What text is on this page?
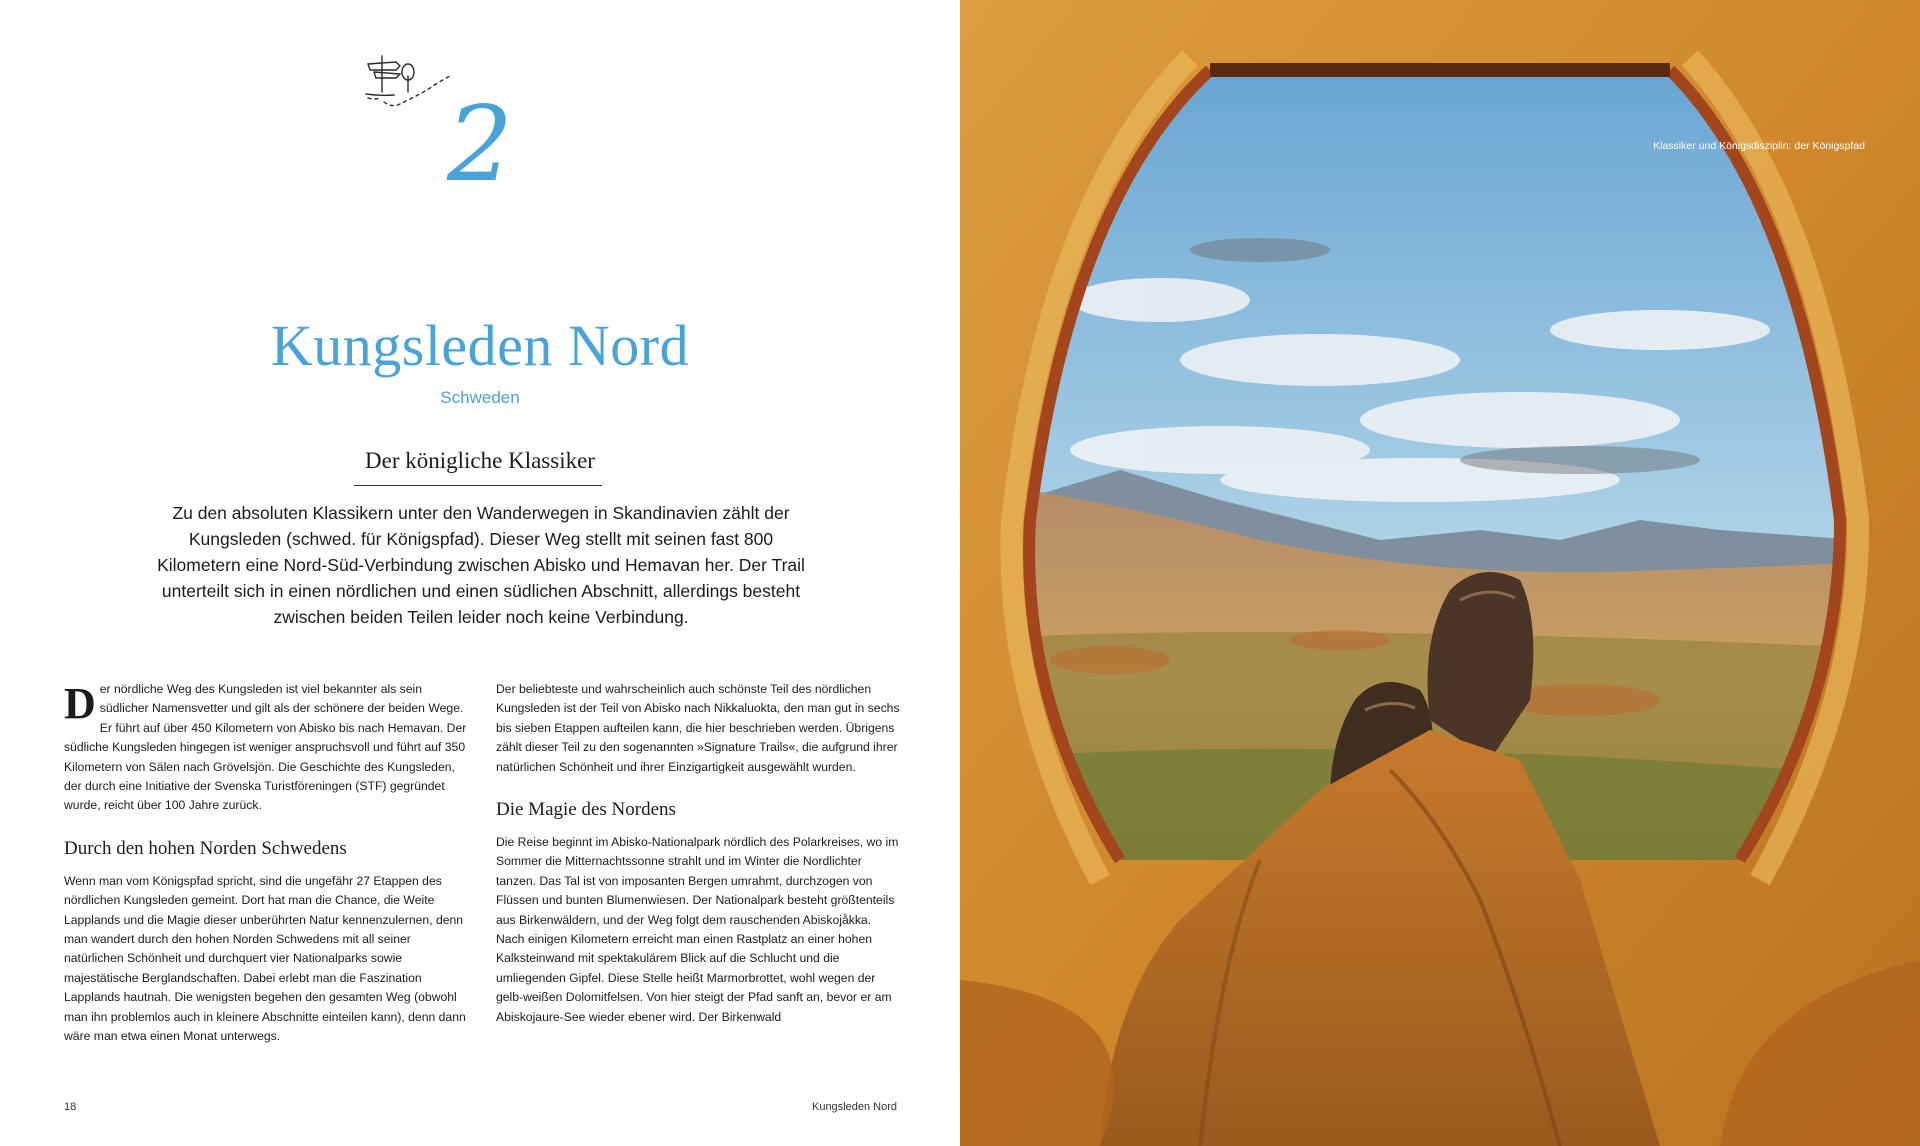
2
Kungsleden Nord
Schweden
Der königliche Klassiker
Zu den absoluten Klassikern unter den Wanderwegen in Skandinavien zählt der Kungsleden (schwed. für Königspfad). Dieser Weg stellt mit seinen fast 800 Kilometern eine Nord-Süd-Verbindung zwischen Abisko und Hemavan her. Der Trail unterteilt sich in einen nördlichen und einen südlichen Abschnitt, allerdings besteht zwischen beiden Teilen leider noch keine Verbindung.

Der nördliche Weg des Kungsleden ist viel bekannter als sein südlicher Namensvetter und gilt als der schönere der beiden Wege. Er führt auf über 450 Kilometern von Abisko bis nach Hemavan. Der südliche Kungsleden hingegen ist weniger anspruchsvoll und führt auf 350 Kilometern von Sälen nach Grövelsjön. Die Geschichte des Kungsleden, der durch eine Initiative der Svenska Turistföreningen (STF) gegründet wurde, reicht über 100 Jahre zurück.

Durch den hohen Norden Schwedens

Wenn man vom Königspfad spricht, sind die ungefähr 27 Etappen des nördlichen Kungsleden gemeint. Dort hat man die Chance, die Weite Lapplands und die Magie dieser unberührten Natur kennenzulernen, denn man wandert durch den hohen Norden Schwedens mit all seiner natürlichen Schönheit und durchquert vier Nationalparks sowie majestätische Berglandschaften. Dabei erlebt man die Faszination Lapplands hautnah. Die wenigsten begehen den gesamten Weg (obwohl man ihn problemlos auch in kleinere Abschnitte einteilen kann), denn dann wäre man etwa einen Monat unterwegs.

Der beliebteste und wahrscheinlich auch schönste Teil des nördlichen Kungsleden ist der Teil von Abisko nach Nikkaluokta, den man gut in sechs bis sieben Etappen aufteilen kann, die hier beschrieben werden. Übrigens zählt dieser Teil zu den sogenannten »Signature Trails«, die aufgrund ihrer natürlichen Schönheit und ihrer Einzigartigkeit ausgewählt wurden.

Die Magie des Nordens

Die Reise beginnt im Abisko-Nationalpark nördlich des Polarkreises, wo im Sommer die Mitternachtssonne strahlt und im Winter die Nordlichter tanzen. Das Tal ist von imposanten Bergen umrahmt, durchzogen von Flüssen und bunten Blumenwiesen. Der Nationalpark besteht größtenteils aus Birkenwäldern, und der Weg folgt dem rauschenden Abiskojåkka. Nach einigen Kilometern erreicht man einen Rastplatz an einer hohen Kalksteinwand mit spektakulärem Blick auf die Schlucht und die umliegenden Gipfel. Diese Stelle heißt Marmorbrottet, wohl wegen der gelb-weißen Dolomitfelsen. Von hier steigt der Pfad sanft an, bevor er am Abiskojaure-See wieder ebener wird. Der Birkenwald

18	Kungsleden Nord
Klassiker und Königsdisziplin: der Königspfad
